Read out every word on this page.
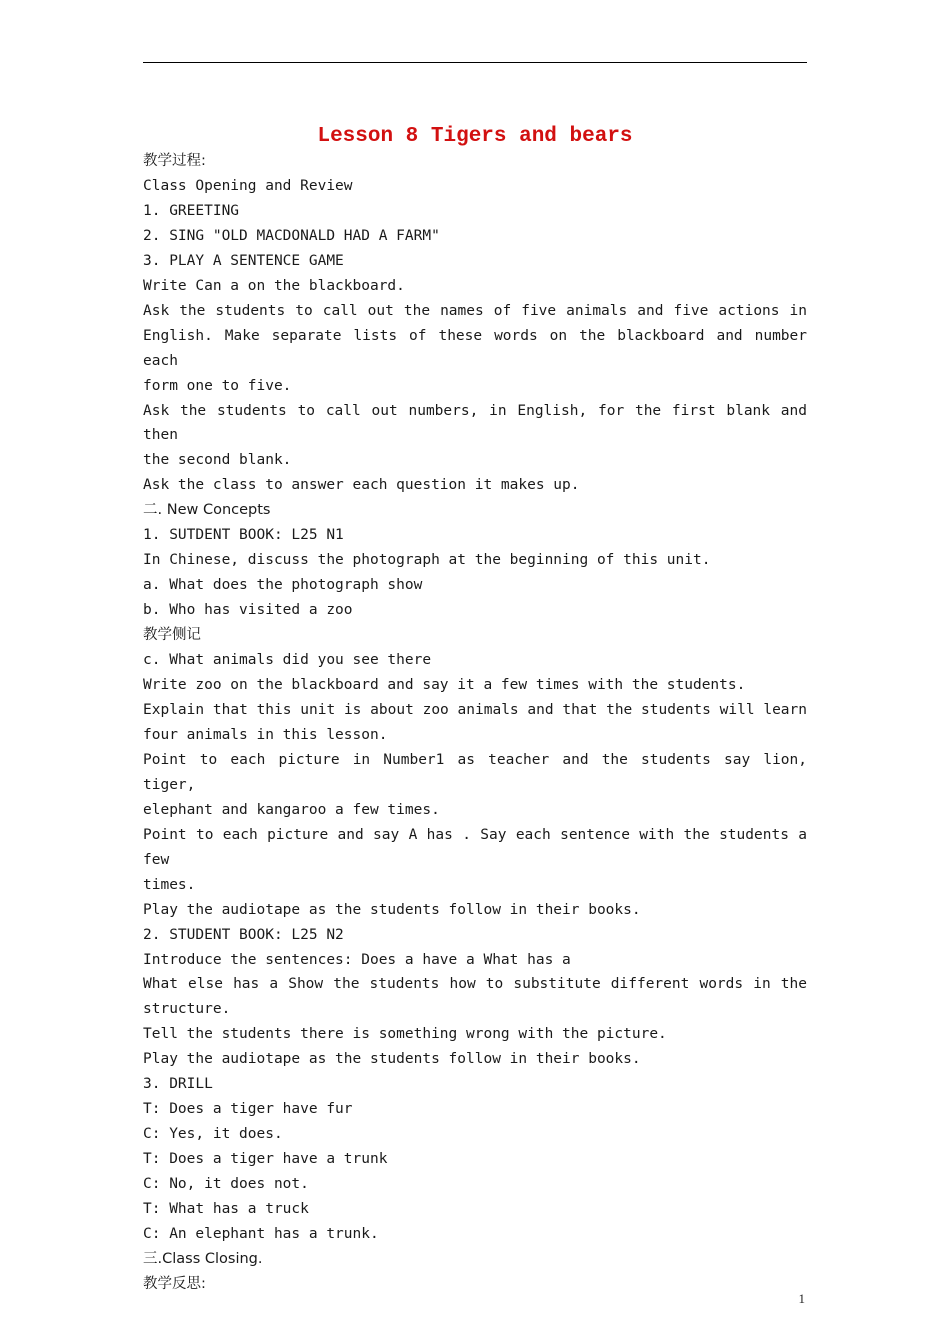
Lesson 8 Tigers and bears

教学过程:

Class Opening and Review

1. GREETING

2. SING "OLD MACDONALD HAD A FARM"

3. PLAY A SENTENCE GAME

Write Can a on the blackboard.

Ask the students to call out the names of five animals and five actions in

English. Make separate lists of these words on the blackboard and number each

form one to five.

Ask the students to call out numbers, in English, for the first blank and then

the second blank.

Ask the class to answer each question it makes up.

二. New Concepts

1. SUTDENT BOOK: L25 N1

In Chinese, discuss the photograph at the beginning of this unit.

a. What does the photograph show

b. Who has visited a zoo

教学侧记

c. What animals did you see there

Write zoo on the blackboard and say it a few times with the students.

Explain that this unit is about zoo animals and that the students will learn

four animals in this lesson.

Point to each picture in Number1 as teacher and the students say lion, tiger,

elephant and kangaroo a few times.

Point to each picture and say A has . Say each sentence with the students a few

times.

Play the audiotape as the students follow in their books.

2. STUDENT BOOK: L25 N2

Introduce the sentences: Does a have a What has a

What else has a Show the students how to substitute different words in the

structure.

Tell the students there is something wrong with the picture.

Play the audiotape as the students follow in their books.

3. DRILL

T: Does a tiger have fur

C: Yes, it does.

T: Does a tiger have a trunk

C: No, it does not.

T: What has a truck

C: An elephant has a trunk.

三.Class Closing.

教学反思:

1
